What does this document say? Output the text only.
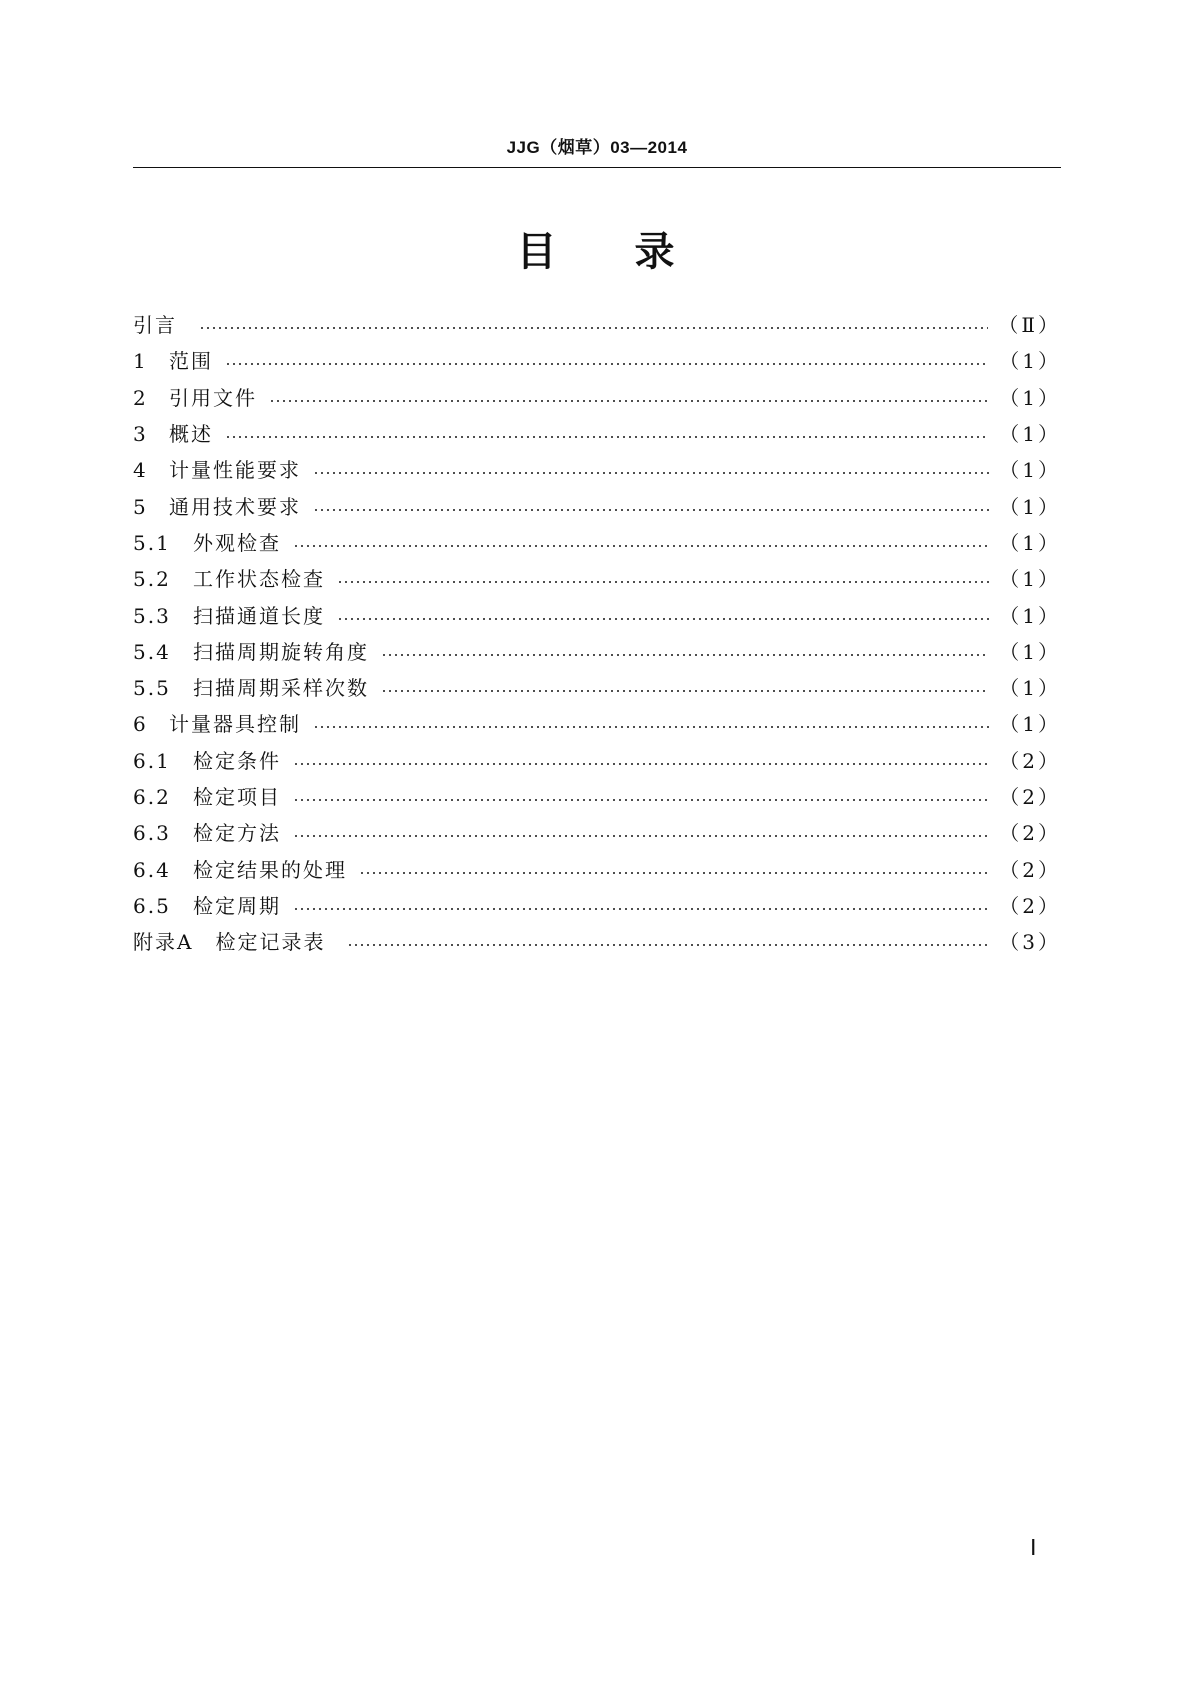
JJG（烟草）03—2014
目录
引言	（Ⅱ）
1	范围	（1）
2	引用文件	（1）
3	概述	（1）
4	计量性能要求	（1）
5	通用技术要求	（1）
5.1	外观检查	（1）
5.2	工作状态检查	（1）
5.3	扫描通道长度	（1）
5.4	扫描周期旋转角度	（1）
5.5	扫描周期采样次数	（1）
6	计量器具控制	（1）
6.1	检定条件	（2）
6.2	检定项目	（2）
6.3	检定方法	（2）
6.4	检定结果的处理	（2）
6.5	检定周期	（2）
附录A 检定记录表	（3）
Ⅰ
